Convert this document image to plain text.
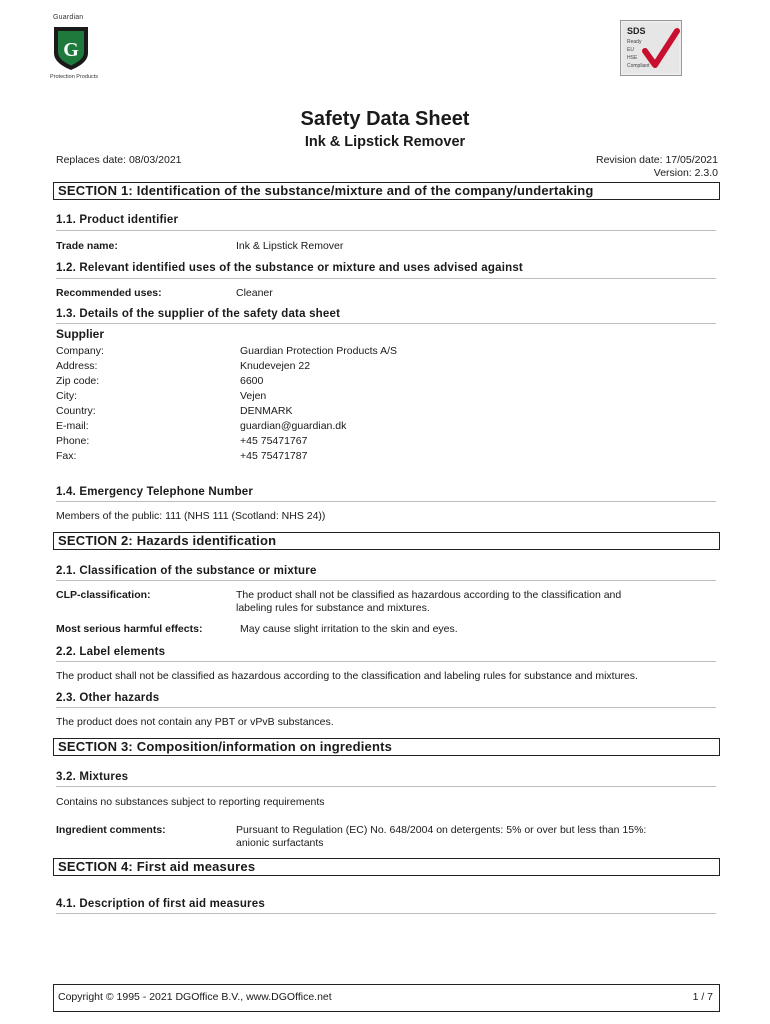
Guardian
G
Protection Products
SDS
Ready
EU
HSE
Compliant
Safety Data Sheet
Ink & Lipstick Remover
Replaces date: 08/03/2021	Revision date: 17/05/2021
Version: 2.3.0
SECTION 1: Identification of the substance/mixture and of the company/undertaking
1.1. Product identifier
Trade name:	Ink & Lipstick Remover
1.2. Relevant identified uses of the substance or mixture and uses advised against
Recommended uses:	Cleaner
1.3. Details of the supplier of the safety data sheet
Supplier
Company:	Guardian Protection Products A/S
Address:	Knudevejen 22
Zip code:	6600
City:	Vejen
Country:	DENMARK
E-mail:	guardian@guardian.dk
Phone:	+45 75471767
Fax:	+45 75471787
1.4. Emergency Telephone Number
Members of the public: 111 (NHS 111 (Scotland: NHS 24))
SECTION 2: Hazards identification
2.1. Classification of the substance or mixture
CLP-classification:	The product shall not be classified as hazardous according to the classification and
labeling rules for substance and mixtures.
Most serious harmful effects:	May cause slight irritation to the skin and eyes.
2.2. Label elements
The product shall not be classified as hazardous according to the classification and labeling rules for substance and mixtures.
2.3. Other hazards
The product does not contain any PBT or vPvB substances.
SECTION 3: Composition/information on ingredients
3.2. Mixtures
Contains no substances subject to reporting requirements
Ingredient comments:	Pursuant to Regulation (EC) No. 648/2004 on detergents: 5% or over but less than 15%:
anionic surfactants
SECTION 4: First aid measures
4.1. Description of first aid measures
Copyright © 1995 - 2021 DGOffice B.V., www.DGOffice.net	1 / 7
